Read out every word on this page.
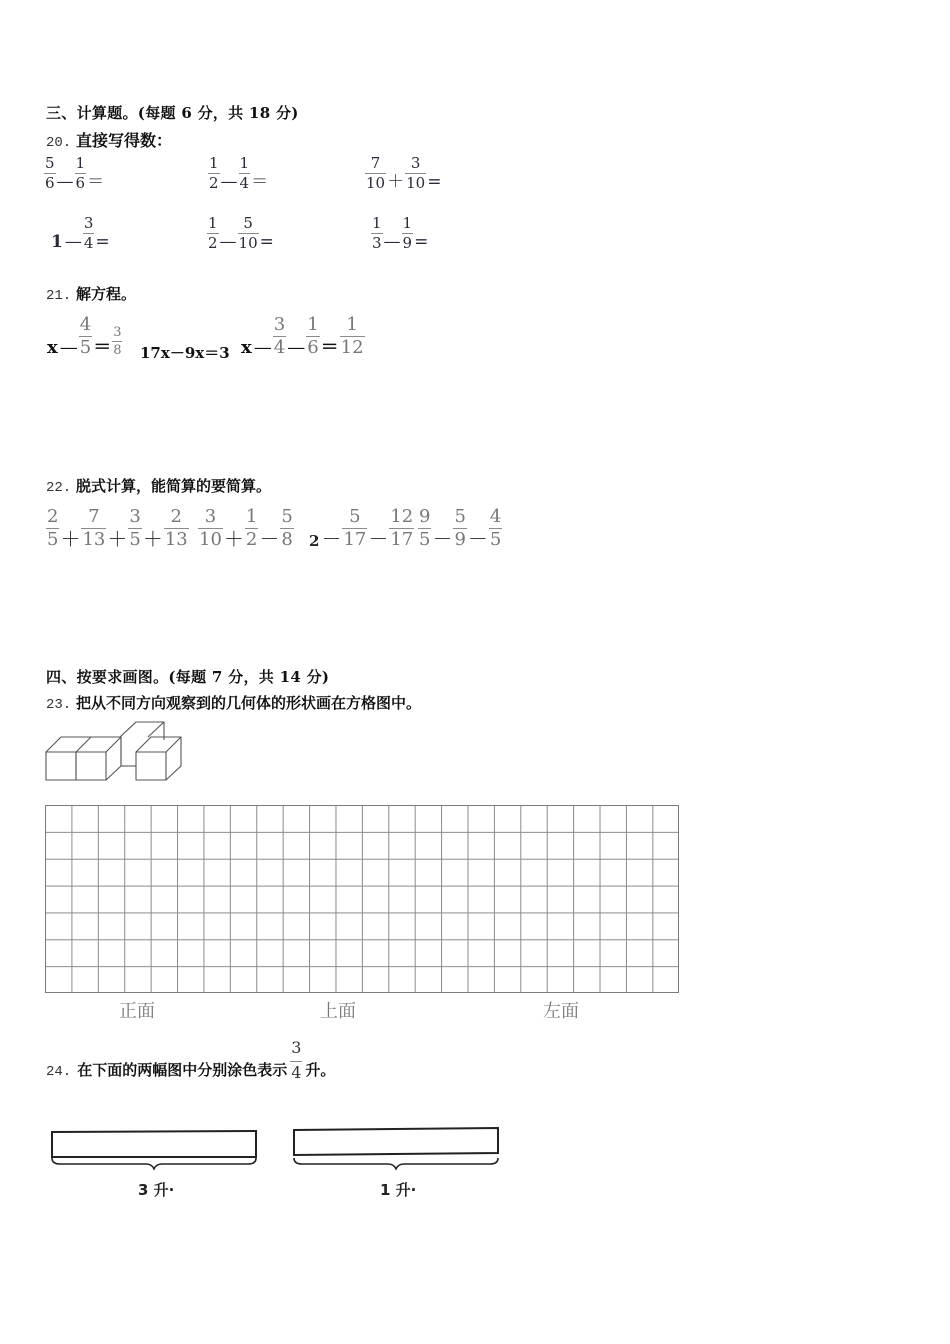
三、计算题。(每题 6 分，共 18 分)
20. 直接写得数：
$\frac{5}{6}$ — $\frac{1}{6}$ ＝	$\frac{1}{2}$ — $\frac{1}{4}$ ＝	$\frac{7}{10} + \frac{3}{10}$ =
1 — $\frac{3}{4}$ =	$\frac{1}{2}$ — $\frac{5}{10}$ =	$\frac{1}{3}$ — $\frac{1}{9}$ =
21. 解方程。
x — $\frac{4}{5} = \frac{3}{8} 17x-9x=3$ x — $\frac{3}{4}$ — $\frac{1}{6} = \frac{1}{12}$
22. 脱式计算，能简算的要简算。
$\frac{2}{5} + \frac{7}{13} + \frac{3}{5} + \frac{2}{13} \frac{3}{10} + \frac{1}{2} - \frac{5}{8} 2 - \frac{5}{17} - \frac{12}{17} \frac{9}{5} - \frac{5}{9} - \frac{4}{5}$
四、按要求画图。(每题 7 分，共 14 分)
23. 把从不同方向观察到的几何体的形状画在方格图中。
正面	上面	左面
24. 在下面的两幅图中分别涂色表示 $\frac{3}{4}$ 升。
3 升·	1 升·
